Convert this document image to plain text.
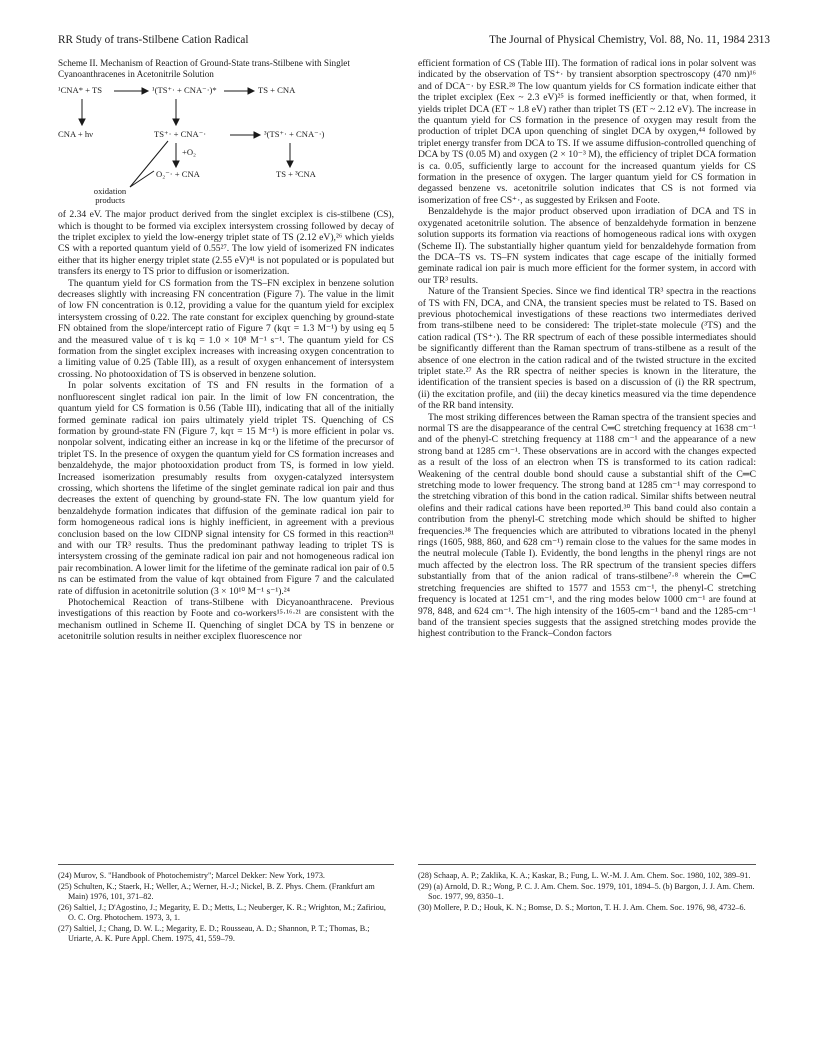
RR Study of trans-Stilbene Cation Radical	The Journal of Physical Chemistry, Vol. 88, No. 11, 1984 2313
Scheme II. Mechanism of Reaction of Ground-State trans-Stilbene with Singlet Cyanoanthracenes in Acetonitrile Solution
¹CNA* + TS	¹(TS⁺· + CNA⁻·)*	TS + CNA
CNA + hν	TS⁺· + CNA⁻·	³(TS⁺· + CNA⁻·)
+O₂
O₂⁻· + CNA	TS + ³CNA
oxidation products

of 2.34 eV. The major product derived from the singlet exciplex is cis-stilbene (CS), which is thought to be formed via exciplex intersystem crossing followed by decay of the triplet exciplex to yield the low-energy triplet state of TS (2.12 eV),²⁶ which yields CS with a reported quantum yield of 0.55²⁷. The low yield of isomerized FN indicates either that its higher energy triplet state (2.55 eV)⁴¹ is not populated or is populated but transfers its energy to TS prior to diffusion or isomerization.

The quantum yield for CS formation from the TS–FN exciplex in benzene solution decreases slightly with increasing FN concentration (Figure 7). The value in the limit of low FN concentration is 0.12, providing a value for the quantum yield for exciplex intersystem crossing of 0.22. The rate constant for exciplex quenching by ground-state FN obtained from the slope/intercept ratio of Figure 7 (kqτ = 1.3 M⁻¹) by using eq 5 and the measured value of τ is kq = 1.0 × 10⁸ M⁻¹ s⁻¹. The quantum yield for CS formation from the singlet exciplex increases with increasing oxygen concentration to a limiting value of 0.25 (Table III), as a result of oxygen enhancement of intersystem crossing. No photooxidation of TS is observed in benzene solution.

In polar solvents excitation of TS and FN results in the formation of a nonfluorescent singlet radical ion pair. In the limit of low FN concentration, the quantum yield for CS formation is 0.56 (Table III), indicating that all of the initially formed geminate radical ion pairs ultimately yield triplet TS. Quenching of CS formation by ground-state FN (Figure 7, kqτ = 15 M⁻¹) is more efficient in polar vs. nonpolar solvent, indicating either an increase in kq or the lifetime of the precursor of triplet TS. In the presence of oxygen the quantum yield for CS formation increases and benzaldehyde, the major photooxidation product from TS, is formed in low yield. Increased isomerization presumably results from oxygen-catalyzed intersystem crossing, which shortens the lifetime of the singlet geminate radical ion pair and thus decreases the extent of quenching by ground-state FN. The low quantum yield for benzaldehyde formation indicates that diffusion of the geminate radical ion pair to form homogeneous radical ions is highly inefficient, in agreement with a previous conclusion based on the low CIDNP signal intensity for CS formed in this reaction³¹ and with our TR³ results. Thus the predominant pathway leading to triplet TS is intersystem crossing of the geminate radical ion pair and not homogeneous radical ion pair recombination. A lower limit for the lifetime of the geminate radical ion pair of 0.5 ns can be estimated from the value of kqτ obtained from Figure 7 and the calculated rate of diffusion in acetonitrile solution (3 × 10¹⁰ M⁻¹ s⁻¹).²⁴

Photochemical Reaction of trans-Stilbene with Dicyanoanthracene. Previous investigations of this reaction by Foote and co-workers¹⁵·¹⁶·²¹ are consistent with the mechanism outlined in Scheme II. Quenching of singlet DCA by TS in benzene or acetonitrile solution results in neither exciplex fluorescence nor

efficient formation of CS (Table III). The formation of radical ions in polar solvent was indicated by the observation of TS⁺· by transient absorption spectroscopy (470 nm)¹⁶ and of DCA⁻· by ESR.²⁸ The low quantum yields for CS formation indicate either that the triplet exciplex (Eex ~ 2.3 eV)²⁵ is formed inefficiently or that, when formed, it yields triplet DCA (ET ~ 1.8 eV) rather than triplet TS (ET ~ 2.12 eV). The increase in the quantum yield for CS formation in the presence of oxygen may result from the production of triplet DCA upon quenching of singlet DCA by oxygen,⁴⁴ followed by triplet energy transfer from DCA to TS. If we assume diffusion-controlled quenching of DCA by TS (0.05 M) and oxygen (2 × 10⁻³ M), the efficiency of triplet DCA formation is ca. 0.05, sufficiently large to account for the increased quantum yields for CS formation in the presence of oxygen. The larger quantum yield for CS formation in degassed benzene vs. acetonitrile solution indicates that CS is not formed via isomerization of free CS⁺·, as suggested by Eriksen and Foote.

Benzaldehyde is the major product observed upon irradiation of DCA and TS in oxygenated acetonitrile solution. The absence of benzaldehyde formation in benzene solution supports its formation via reactions of homogeneous radical ions with oxygen (Scheme II). The substantially higher quantum yield for benzaldehyde formation from the DCA–TS vs. TS–FN system indicates that cage escape of the initially formed geminate radical ion pair is much more efficient for the former system, in accord with our TR³ results.

Nature of the Transient Species. Since we find identical TR³ spectra in the reactions of TS with FN, DCA, and CNA, the transient species must be related to TS. Based on previous photochemical investigations of these reactions two intermediates derived from trans-stilbene need to be considered: The triplet-state molecule (³TS) and the cation radical (TS⁺·). The RR spectrum of each of these possible intermediates should be significantly different than the Raman spectrum of trans-stilbene as a result of the absence of one electron in the cation radical and of the twisted structure in the excited triplet state.²⁷ As the RR spectra of neither species is known in the literature, the identification of the transient species is based on a discussion of (i) the RR spectrum, (ii) the excitation profile, and (iii) the decay kinetics measured via the time dependence of the RR band intensity.

The most striking differences between the Raman spectra of the transient species and normal TS are the disappearance of the central C═C stretching frequency at 1638 cm⁻¹ and of the phenyl-C stretching frequency at 1188 cm⁻¹ and the appearance of a new strong band at 1285 cm⁻¹. These observations are in accord with the changes expected as a result of the loss of an electron when TS is transformed to its cation radical: Weakening of the central double bond should cause a substantial shift of the C═C stretching mode to lower frequency. The strong band at 1285 cm⁻¹ may correspond to the stretching vibration of this bond in the cation radical. Similar shifts between neutral olefins and their radical cations have been reported.³⁰ This band could also contain a contribution from the phenyl-C stretching mode which should be shifted to higher frequencies.³⁸ The frequencies which are attributed to vibrations located in the phenyl rings (1605, 988, 860, and 628 cm⁻¹) remain close to the values for the same modes in the neutral molecule (Table I). Evidently, the bond lengths in the phenyl rings are not much affected by the electron loss. The RR spectrum of the transient species differs substantially from that of the anion radical of trans-stilbene⁷·⁸ wherein the C═C stretching frequencies are shifted to 1577 and 1553 cm⁻¹, the phenyl-C stretching frequency is located at 1251 cm⁻¹, and the ring modes below 1000 cm⁻¹ are found at 978, 848, and 624 cm⁻¹. The high intensity of the 1605-cm⁻¹ band and the 1285-cm⁻¹ band of the transient species suggests that the assigned stretching modes provide the highest contribution to the Franck–Condon factors

(24) Murov, S. "Handbook of Photochemistry"; Marcel Dekker: New York, 1973.
(25) Schulten, K.; Staerk, H.; Weller, A.; Werner, H.-J.; Nickel, B. Z. Phys. Chem. (Frankfurt am Main) 1976, 101, 371–82.
(26) Saltiel, J.; D'Agostino, J.; Megarity, E. D.; Metts, L.; Neuberger, K. R.; Wrighton, M.; Zafiriou, O. C. Org. Photochem. 1973, 3, 1.
(27) Saltiel, J.; Chang, D. W. L.; Megarity, E. D.; Rousseau, A. D.; Shannon, P. T.; Thomas, B.; Uriarte, A. K. Pure Appl. Chem. 1975, 41, 559–79.
(28) Schaap, A. P.; Zaklika, K. A.; Kaskar, B.; Fung, L. W.-M. J. Am. Chem. Soc. 1980, 102, 389–91.
(29) (a) Arnold, D. R.; Wong, P. C. J. Am. Chem. Soc. 1979, 101, 1894–5. (b) Bargon, J. J. Am. Chem. Soc. 1977, 99, 8350–1.
(30) Mollere, P. D.; Houk, K. N.; Bomse, D. S.; Morton, T. H. J. Am. Chem. Soc. 1976, 98, 4732–6.
